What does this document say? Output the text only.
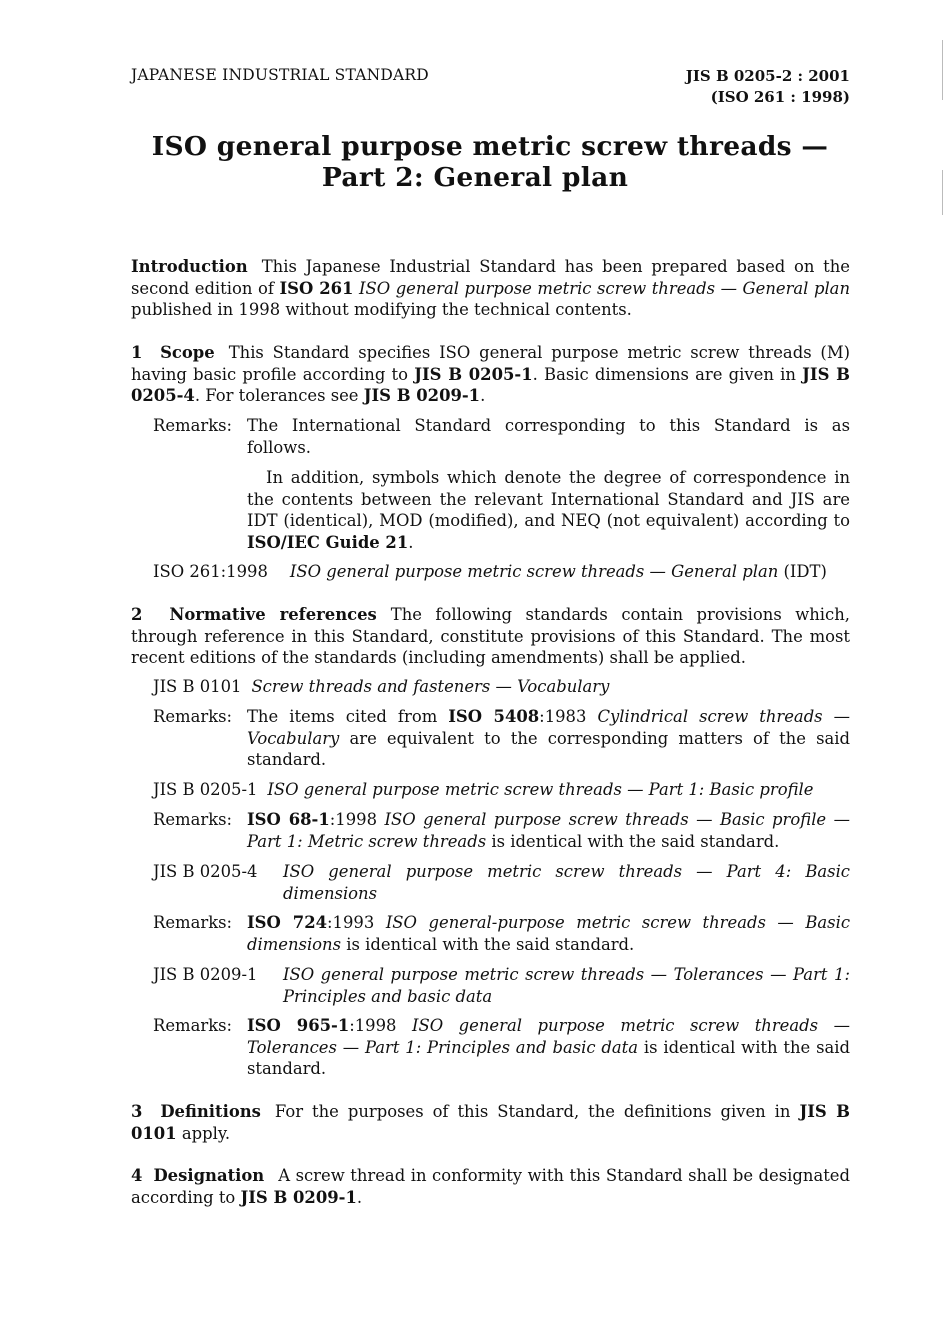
JAPANESE INDUSTRIAL STANDARD	JIS B 0205-2 : 2001
(ISO 261 : 1998)
ISO general purpose metric screw threads —
Part 2: General plan
Introduction This Japanese Industrial Standard has been prepared based on the second edition of ISO 261 ISO general purpose metric screw threads — General plan published in 1998 without modifying the technical contents.
1 Scope This Standard specifies ISO general purpose metric screw threads (M) having basic profile according to JIS B 0205-1. Basic dimensions are given in JIS B 0205-4. For tolerances see JIS B 0209-1.
Remarks: The International Standard corresponding to this Standard is as follows.
In addition, symbols which denote the degree of correspondence in the contents between the relevant International Standard and JIS are IDT (identical), MOD (modified), and NEQ (not equivalent) according to ISO/IEC Guide 21.
ISO 261:1998 ISO general purpose metric screw threads — General plan (IDT)
2 Normative references The following standards contain provisions which, through reference in this Standard, constitute provisions of this Standard. The most recent editions of the standards (including amendments) shall be applied.
JIS B 0101 Screw threads and fasteners — Vocabulary
Remarks: The items cited from ISO 5408:1983 Cylindrical screw threads — Vocabulary are equivalent to the corresponding matters of the said standard.
JIS B 0205-1 ISO general purpose metric screw threads — Part 1: Basic profile
Remarks: ISO 68-1:1998 ISO general purpose screw threads — Basic profile — Part 1: Metric screw threads is identical with the said standard.
JIS B 0205-4 ISO general purpose metric screw threads — Part 4: Basic dimensions
Remarks: ISO 724:1993 ISO general-purpose metric screw threads — Basic dimensions is identical with the said standard.
JIS B 0209-1 ISO general purpose metric screw threads — Tolerances — Part 1: Principles and basic data
Remarks: ISO 965-1:1998 ISO general purpose metric screw threads — Tolerances — Part 1: Principles and basic data is identical with the said standard.
3 Definitions For the purposes of this Standard, the definitions given in JIS B 0101 apply.
4 Designation A screw thread in conformity with this Standard shall be designated according to JIS B 0209-1.
